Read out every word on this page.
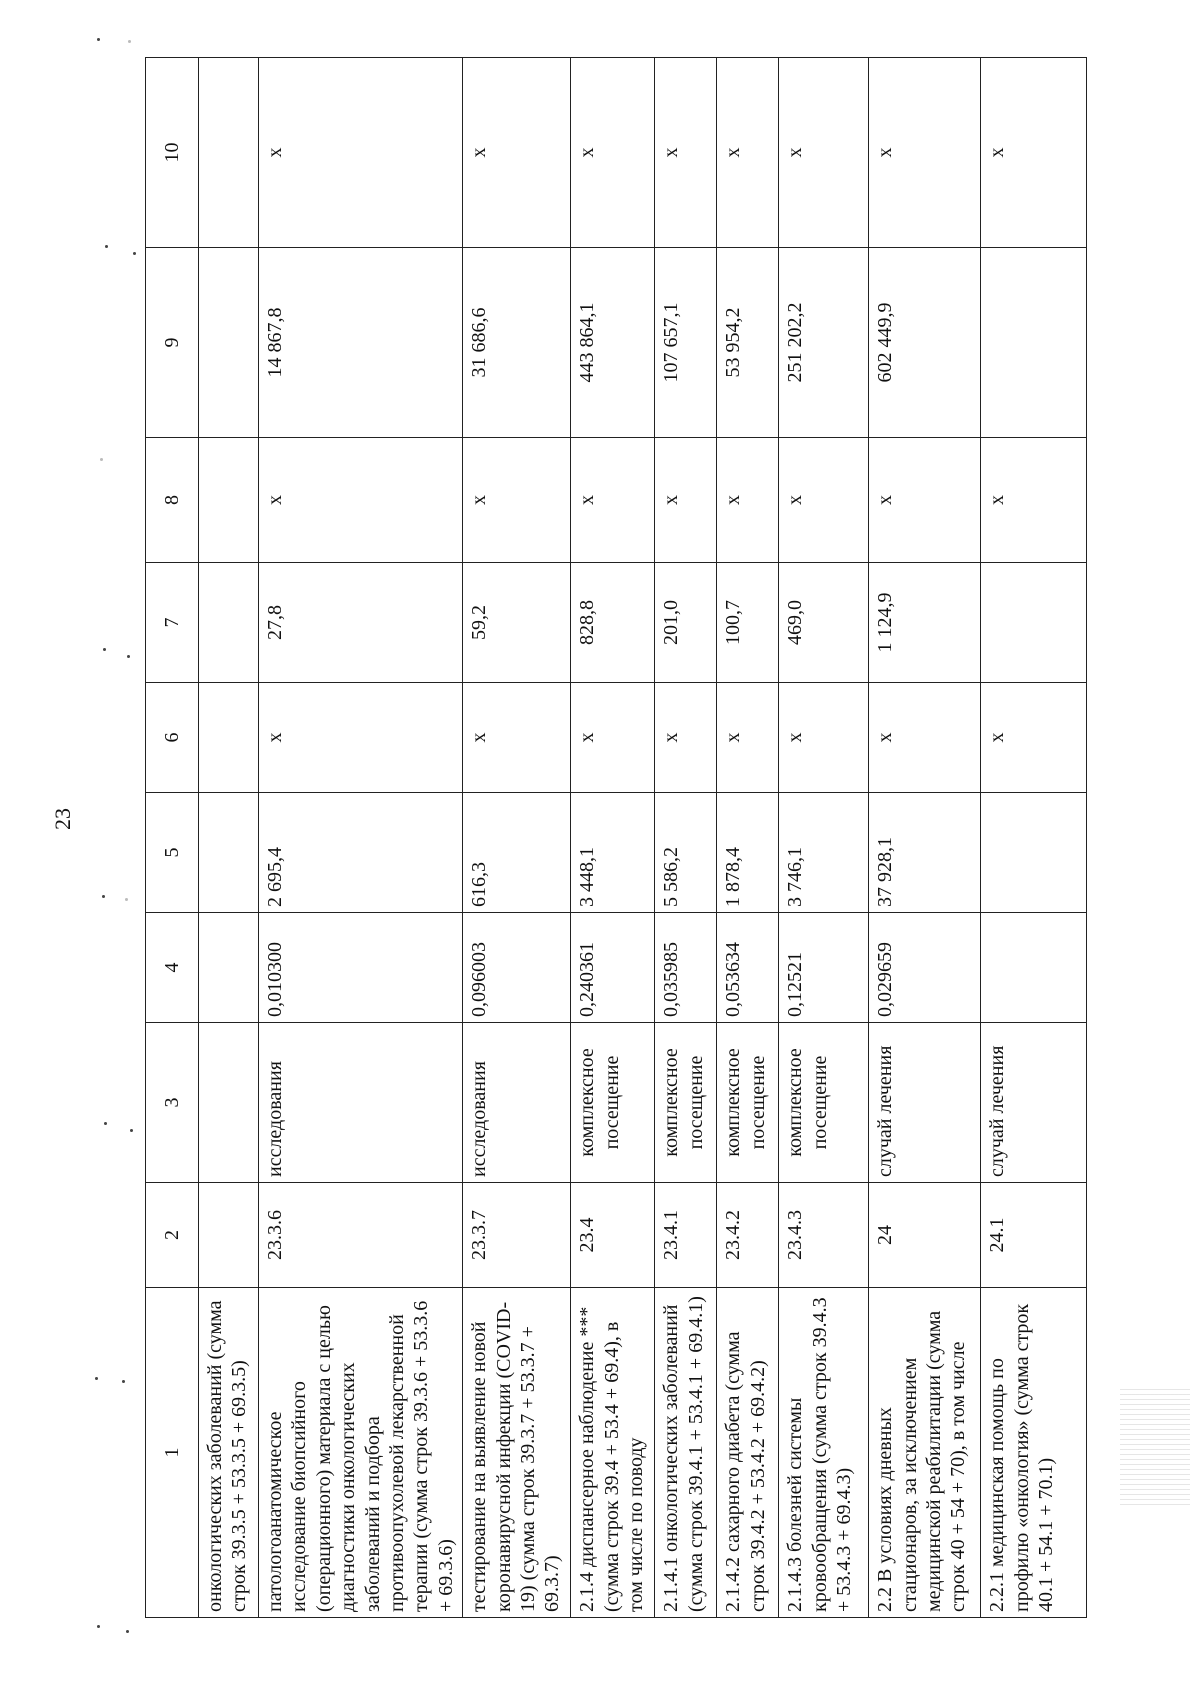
23
1	2	3	4	5	6	7	8	9	10
онкологических заболеваний (сумма строк 39.3.5 + 53.3.5 + 69.3.5)									
патологоанатомическое исследование биопсийного (операционного) материала с целью диагностики онкологических заболеваний и подбора противоопухолевой лекарственной терапии (сумма строк 39.3.6 + 53.3.6 + 69.3.6)	23.3.6	исследования	0,010300	2 695,4	х	27,8	х	14 867,8	х
тестирование на выявление новой коронавирусной инфекции (COVID-19) (сумма строк 39.3.7 + 53.3.7 + 69.3.7)	23.3.7	исследования	0,096003	616,3	х	59,2	х	31 686,6	х
2.1.4 диспансерное наблюдение *** (сумма строк 39.4 + 53.4 + 69.4), в том числе по поводу	23.4	комплексное посещение	0,240361	3 448,1	х	828,8	х	443 864,1	х
2.1.4.1 онкологических заболеваний (сумма строк 39.4.1 + 53.4.1 + 69.4.1)	23.4.1	комплексное посещение	0,035985	5 586,2	х	201,0	х	107 657,1	х
2.1.4.2 сахарного диабета (сумма строк 39.4.2 + 53.4.2 + 69.4.2)	23.4.2	комплексное посещение	0,053634	1 878,4	х	100,7	х	53 954,2	х
2.1.4.3 болезней системы кровообращения (сумма строк 39.4.3 + 53.4.3 + 69.4.3)	23.4.3	комплексное посещение	0,12521	3 746,1	х	469,0	х	251 202,2	х
2.2 В условиях дневных стационаров, за исключением медицинской реабилитации (сумма строк 40 + 54 + 70), в том числе	24	случай лечения	0,029659	37 928,1	х	1 124,9	х	602 449,9	х
2.2.1 медицинская помощь по профилю «онкология» (сумма строк 40.1 + 54.1 + 70.1)	24.1	случай лечения			х		х		х
